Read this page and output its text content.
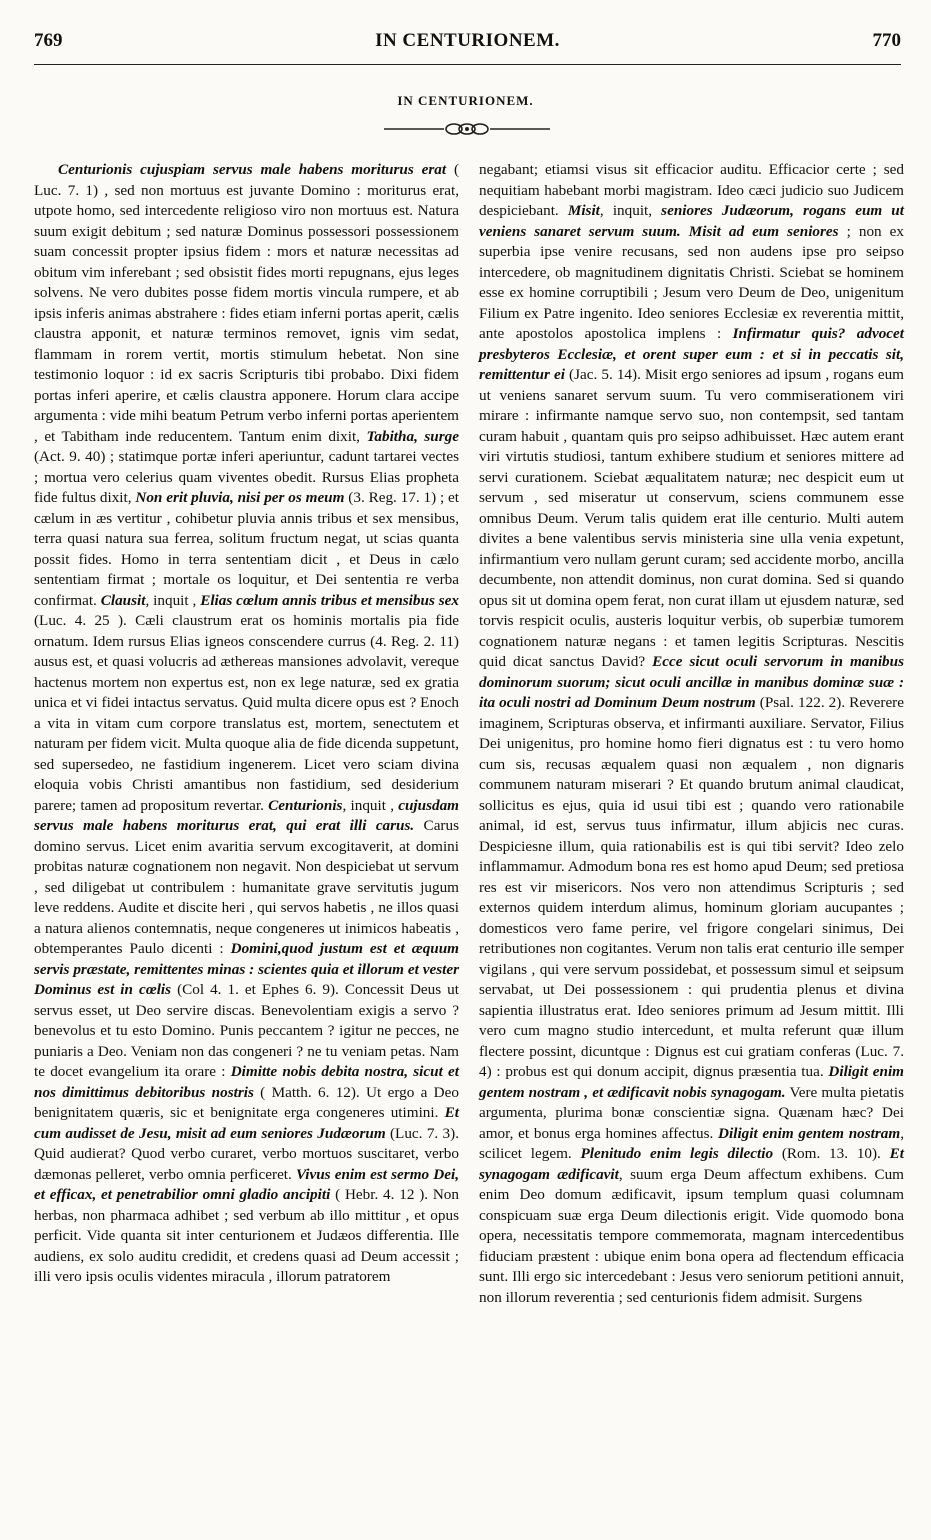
769	IN CENTURIONEM.	770
IN CENTURIONEM.

Centurionis cujuspiam servus male habens moriturus erat ( Luc. 7. 1) , sed non mortuus est juvante Domino : moriturus erat, utpote homo, sed intercedente religioso viro non mortuus est. Natura suum exigit debitum ; sed naturæ Dominus possessori possessionem suam concessit propter ipsius fidem : mors et naturæ necessitas ad obitum vim inferebant ; sed obsistit fides morti repugnans, ejus leges solvens. Ne vero dubites posse fidem mortis vincula rumpere, et ab ipsis inferis animas abstrahere : fides etiam inferni portas aperit, cælis claustra apponit, et naturæ terminos removet, ignis vim sedat, flammam in rorem vertit, mortis stimulum hebetat. Non sine testimonio loquor : id ex sacris Scripturis tibi probabo. Dixi fidem portas inferi aperire, et cælis claustra apponere. Horum clara accipe argumenta : vide mihi beatum Petrum verbo inferni portas aperientem , et Tabitham inde reducentem. Tantum enim dixit, Tabitha, surge (Act. 9. 40) ; statimque portæ inferi aperiuntur, cadunt tartarei vectes ; mortua vero celerius quam viventes obedit. Rursus Elias propheta fide fultus dixit, Non erit pluvia, nisi per os meum (3. Reg. 17. 1) ; et cælum in æs vertitur , cohibetur pluvia annis tribus et sex mensibus, terra quasi natura sua ferrea, solitum fructum negat, ut scias quanta possit fides. Homo in terra sententiam dicit , et Deus in cælo sententiam firmat ; mortale os loquitur, et Dei sententia re verba confirmat. Clausit, inquit , Elias cœlum annis tribus et mensibus sex (Luc. 4. 25 ). Cæli claustrum erat os hominis mortalis pia fide ornatum. Idem rursus Elias igneos conscendere currus (4. Reg. 2. 11) ausus est, et quasi volucris ad æthereas mansiones advolavit, vereque hactenus mortem non expertus est, non ex lege naturæ, sed ex gratia unica et vi fidei intactus servatus. Quid multa dicere opus est ? Enoch a vita in vitam cum corpore translatus est, mortem, senectutem et naturam per fidem vicit. Multa quoque alia de fide dicenda suppetunt, sed supersedeo, ne fastidium ingenerem. Licet vero sciam divina eloquia vobis Christi amantibus non fastidium, sed desiderium parere; tamen ad propositum revertar. Centurionis, inquit , cujusdam servus male habens moriturus erat, qui erat illi carus. Carus domino servus. Licet enim avaritia servum excogitaverit, at domini probitas naturæ cognationem non negavit. Non despiciebat ut servum , sed diligebat ut contribulem : humanitate grave servitutis jugum leve reddens. Audite et discite heri , qui servos habetis , ne illos quasi a natura alienos contemnatis, neque congeneres ut inimicos habeatis , obtemperantes Paulo dicenti : Domini,quod justum est et æquum servis præstate, remittentes minas : scientes quia et illorum et vester Dominus est in cœlis (Col 4. 1. et Ephes 6. 9). Concessit Deus ut servus esset, ut Deo servire discas. Benevolentiam exigis a servo ? benevolus et tu esto Domino. Punis peccantem ? igitur ne pecces, ne puniaris a Deo. Veniam non das congeneri ? ne tu veniam petas. Nam te docet evangelium ita orare : Dimitte nobis debita nostra, sicut et nos dimittimus debitoribus nostris ( Matth. 6. 12). Ut ergo a Deo benignitatem quæris, sic et benignitate erga congeneres utimini. Et cum audisset de Jesu, misit ad eum seniores Judæorum (Luc. 7. 3). Quid audierat? Quod verbo curaret, verbo mortuos suscitaret, verbo dæmonas pelleret, verbo omnia perficeret. Vivus enim est sermo Dei, et efficax, et penetrabilior omni gladio ancipiti ( Hebr. 4. 12 ). Non herbas, non pharmaca adhibet ; sed verbum ab illo mittitur , et opus perficit. Vide quanta sit inter centurionem et Judæos differentia. Ille audiens, ex solo auditu credidit, et credens quasi ad Deum accessit ; illi vero ipsis oculis videntes miracula , illorum patratorem

negabant; etiamsi visus sit efficacior auditu. Efficacior certe ; sed nequitiam habebant morbi magistram. Ideo cæci judicio suo Judicem despiciebant. Misit, inquit, seniores Judæorum, rogans eum ut veniens sanaret servum suum. Misit ad eum seniores ; non ex superbia ipse venire recusans, sed non audens ipse pro seipso intercedere, ob magnitudinem dignitatis Christi. Sciebat se hominem esse ex homine corruptibili ; Jesum vero Deum de Deo, unigenitum Filium ex Patre ingenito. Ideo seniores Ecclesiæ ex reverentia mittit, ante apostolos apostolica implens : Infirmatur quis? advocet presbyteros Ecclesiæ, et orent super eum : et si in peccatis sit, remittentur ei (Jac. 5. 14). Misit ergo seniores ad ipsum , rogans eum ut veniens sanaret servum suum. Tu vero commiserationem viri mirare : infirmante namque servo suo, non contempsit, sed tantam curam habuit , quantam quis pro seipso adhibuisset. Hæc autem erant viri virtutis studiosi, tantum exhibere studium et seniores mittere ad servi curationem. Sciebat æqualitatem naturæ; nec despicit eum ut servum , sed miseratur ut conservum, sciens communem esse omnibus Deum. Verum talis quidem erat ille centurio. Multi autem divites a bene valentibus servis ministeria sine ulla venia expetunt, infirmantium vero nullam gerunt curam; sed accidente morbo, ancilla decumbente, non attendit dominus, non curat domina. Sed si quando opus sit ut domina opem ferat, non curat illam ut ejusdem naturæ, sed torvis respicit oculis, austeris loquitur verbis, ob superbiæ tumorem cognationem naturæ negans : et tamen legitis Scripturas. Nescitis quid dicat sanctus David? Ecce sicut oculi servorum in manibus dominorum suorum; sicut oculi ancillæ in manibus dominæ suæ : ita oculi nostri ad Dominum Deum nostrum (Psal. 122. 2). Reverere imaginem, Scripturas observa, et infirmanti auxiliare. Servator, Filius Dei unigenitus, pro homine homo fieri dignatus est : tu vero homo cum sis, recusas æqualem quasi non æqualem , non dignaris communem naturam miserari ? Et quando brutum animal claudicat, sollicitus es ejus, quia id usui tibi est ; quando vero rationabile animal, id est, servus tuus infirmatur, illum abjicis nec curas. Despiciesne illum, quia rationabilis est is qui tibi servit? Ideo zelo inflammamur. Admodum bona res est homo apud Deum; sed pretiosa res est vir misericors. Nos vero non attendimus Scripturis ; sed externos quidem interdum alimus, hominum gloriam aucupantes ; domesticos vero fame perire, vel frigore congelari sinimus, Dei retributiones non cogitantes. Verum non talis erat centurio ille semper vigilans , qui vere servum possidebat, et possessum simul et seipsum servabat, ut Dei possessionem : qui prudentia plenus et divina sapientia illustratus erat. Ideo seniores primum ad Jesum mittit. Illi vero cum magno studio intercedunt, et multa referunt quæ illum flectere possint, dicuntque : Dignus est cui gratiam conferas (Luc. 7. 4) : probus est qui donum accipit, dignus præsentia tua. Diligit enim gentem nostram , et ædificavit nobis synagogam. Vere multa pietatis argumenta, plurima bonæ conscientiæ signa. Quænam hæc? Dei amor, et bonus erga homines affectus. Diligit enim gentem nostram, scilicet legem. Plenitudo enim legis dilectio (Rom. 13. 10). Et synagogam ædificavit, suum erga Deum affectum exhibens. Cum enim Deo domum ædificavit, ipsum templum quasi columnam conspicuam suæ erga Deum dilectionis erigit. Vide quomodo bona opera, necessitatis tempore commemorata, magnam intercedentibus fiduciam præstent : ubique enim bona opera ad flectendum efficacia sunt. Illi ergo sic intercedebant : Jesus vero seniorum petitioni annuit, non illorum reverentia ; sed centurionis fidem admisit. Surgens
